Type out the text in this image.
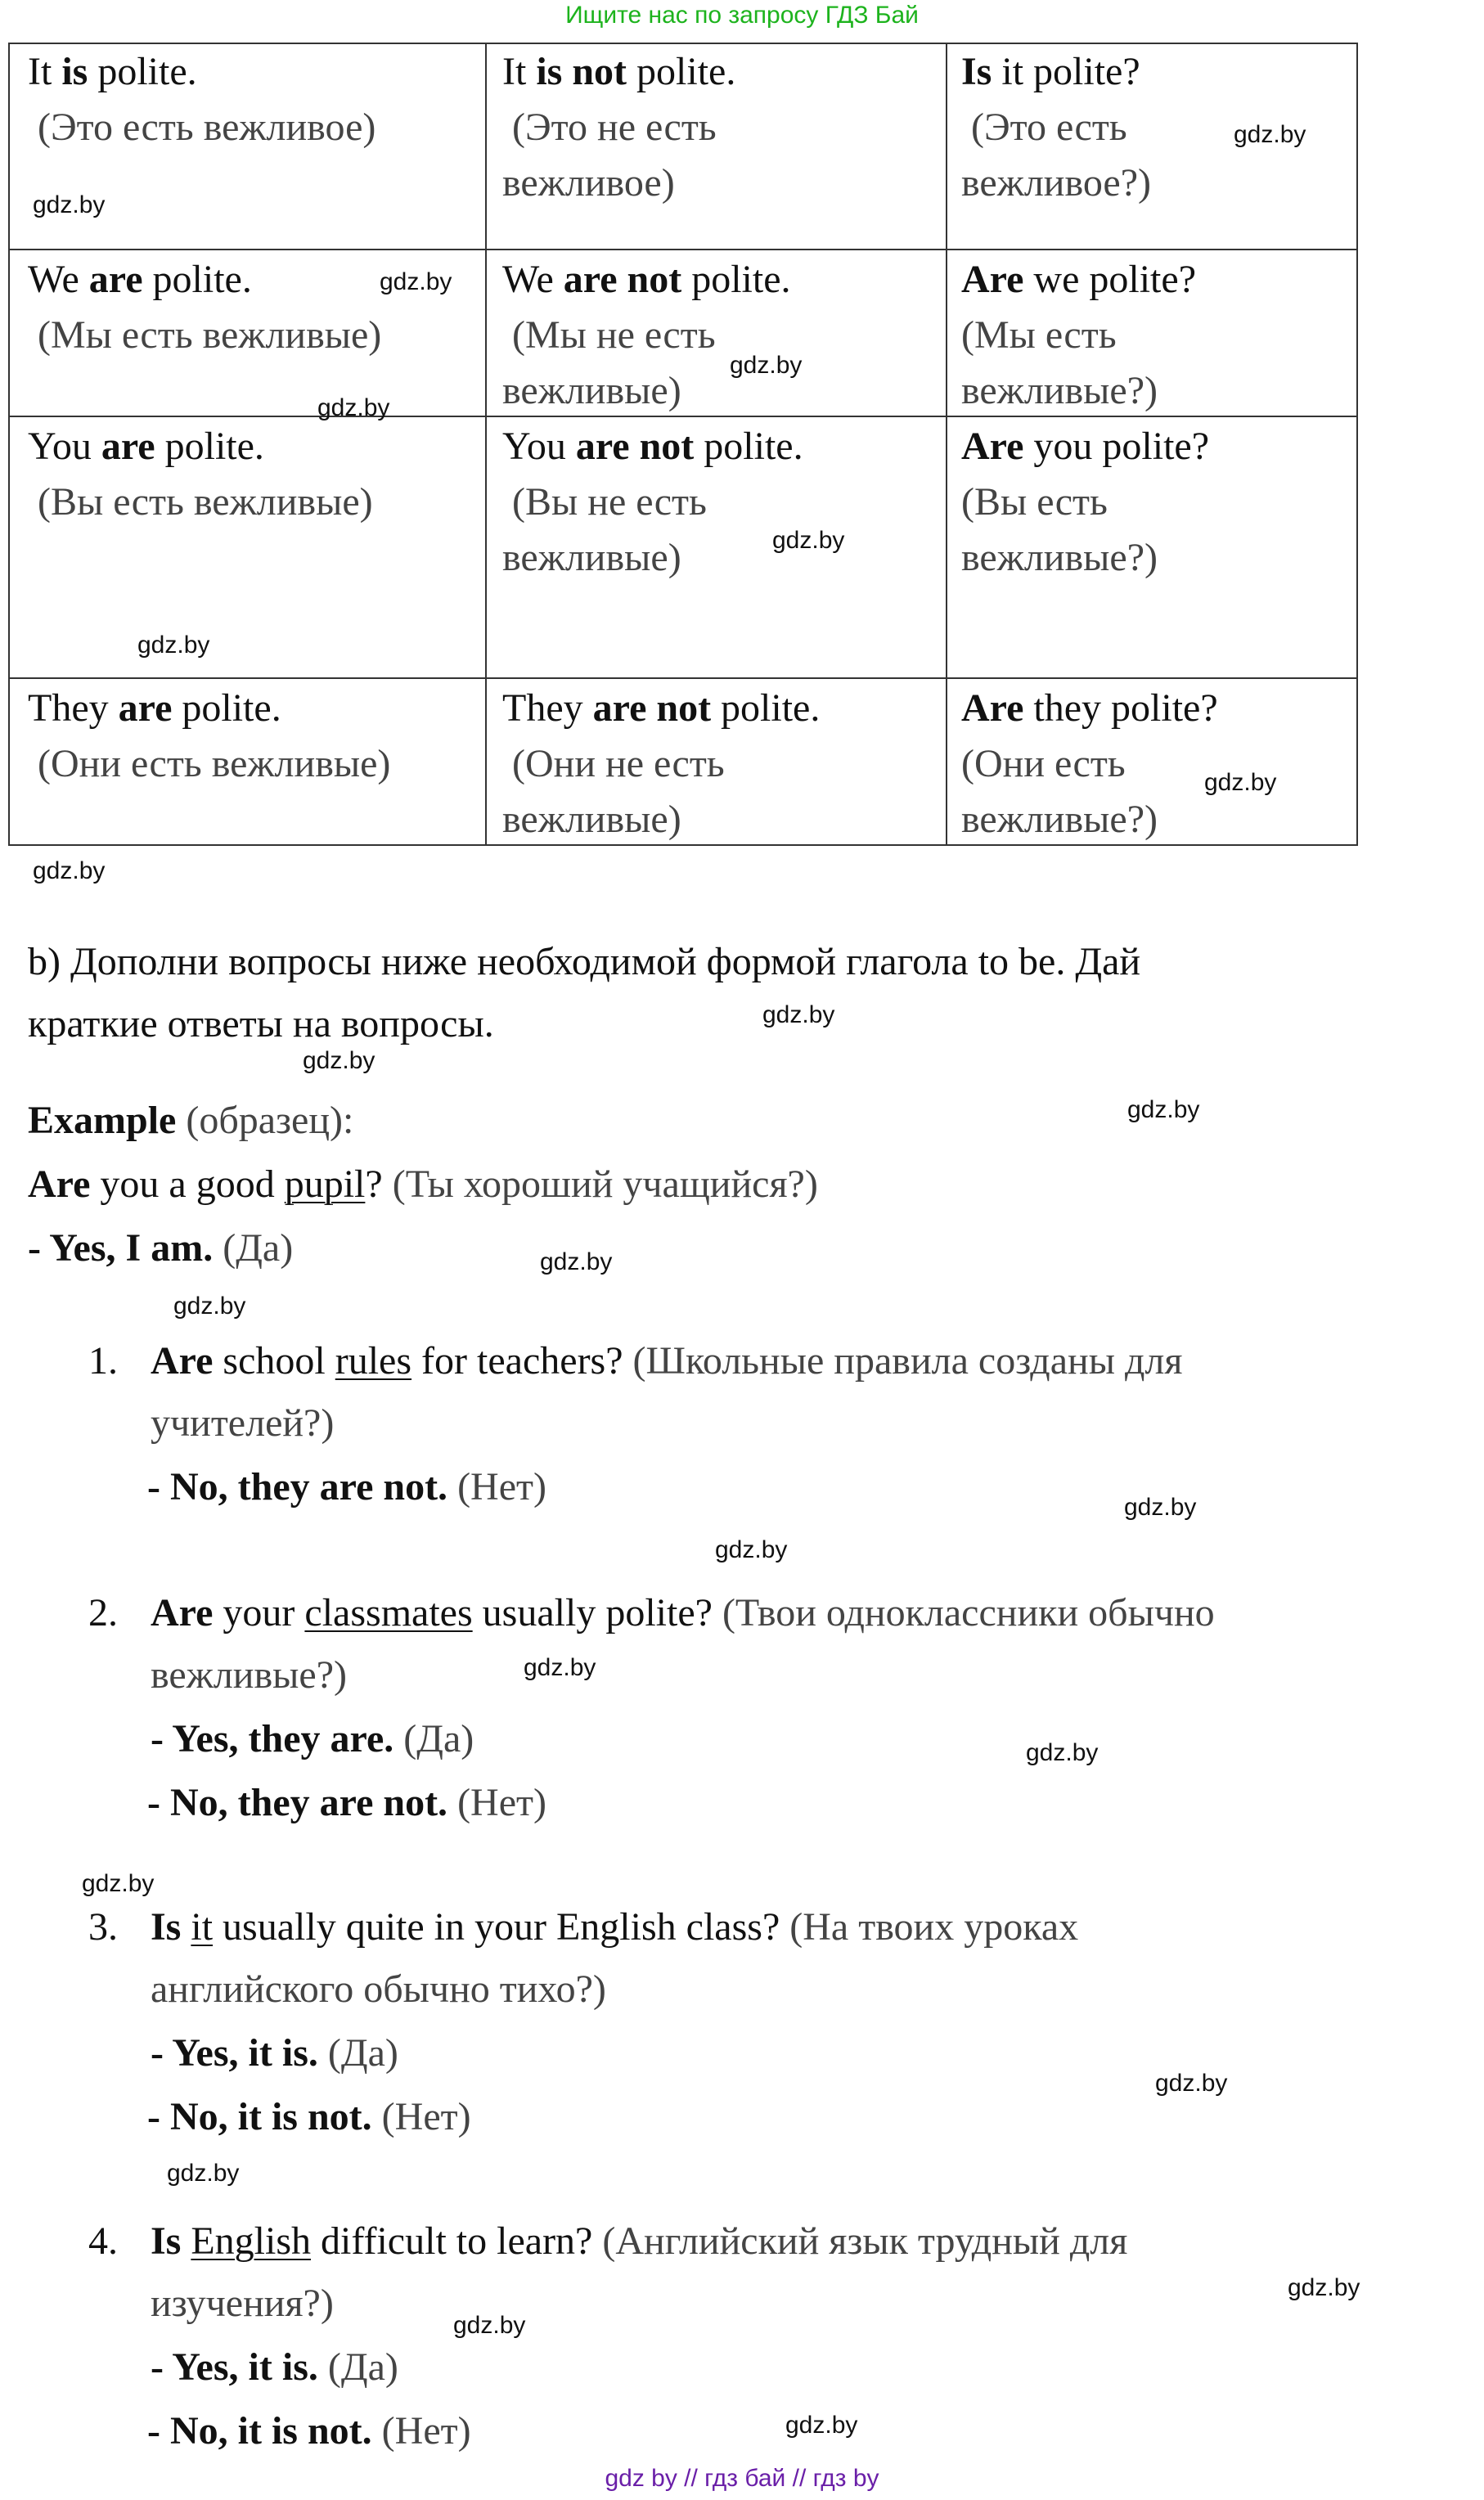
Ищите нас по запросу ГДЗ Бай
It is polite.
(Это есть вежливое)
It is not polite.
(Это не есть
вежливое)
Is it polite?
(Это есть
вежливое?)
We are polite.
(Мы есть вежливые)
We are not polite.
(Мы не есть
вежливые)
Are we polite?
(Мы есть
вежливые?)
You are polite.
(Вы есть вежливые)
You are not polite.
(Вы не есть
вежливые)
Are you polite?
(Вы есть
вежливые?)
They are polite.
(Они есть вежливые)
They are not polite.
(Они не есть
вежливые)
Are they polite?
(Они есть
вежливые?)
b) Дополни вопросы ниже необходимой формой глагола to be. Дай
краткие ответы на вопросы.
Example (образец):
Are you a good pupil? (Ты хороший учащийся?)
- Yes, I am. (Да)
1. Are school rules for teachers? (Школьные правила созданы для
учителей?)
- No, they are not. (Нет)
2. Are your classmates usually polite? (Твои одноклассники обычно
вежливые?)
- Yes, they are. (Да)
- No, they are not. (Нет)
3. Is it usually quite in your English class? (На твоих уроках
английского обычно тихо?)
- Yes, it is. (Да)
- No, it is not. (Нет)
4. Is English difficult to learn? (Английский язык трудный для
изучения?)
- Yes, it is. (Да)
- No, it is not. (Нет)
gdz.by
gdz.by
gdz.by
gdz.by
gdz.by
gdz.by
gdz.by
gdz.by
gdz.by
gdz.by
gdz.by
gdz.by
gdz.by
gdz.by
gdz.by
gdz.by
gdz.by
gdz.by
gdz.by
gdz.by
gdz.by
gdz.by
gdz.by
gdz.by
gdz by // гдз бай // гдз by
